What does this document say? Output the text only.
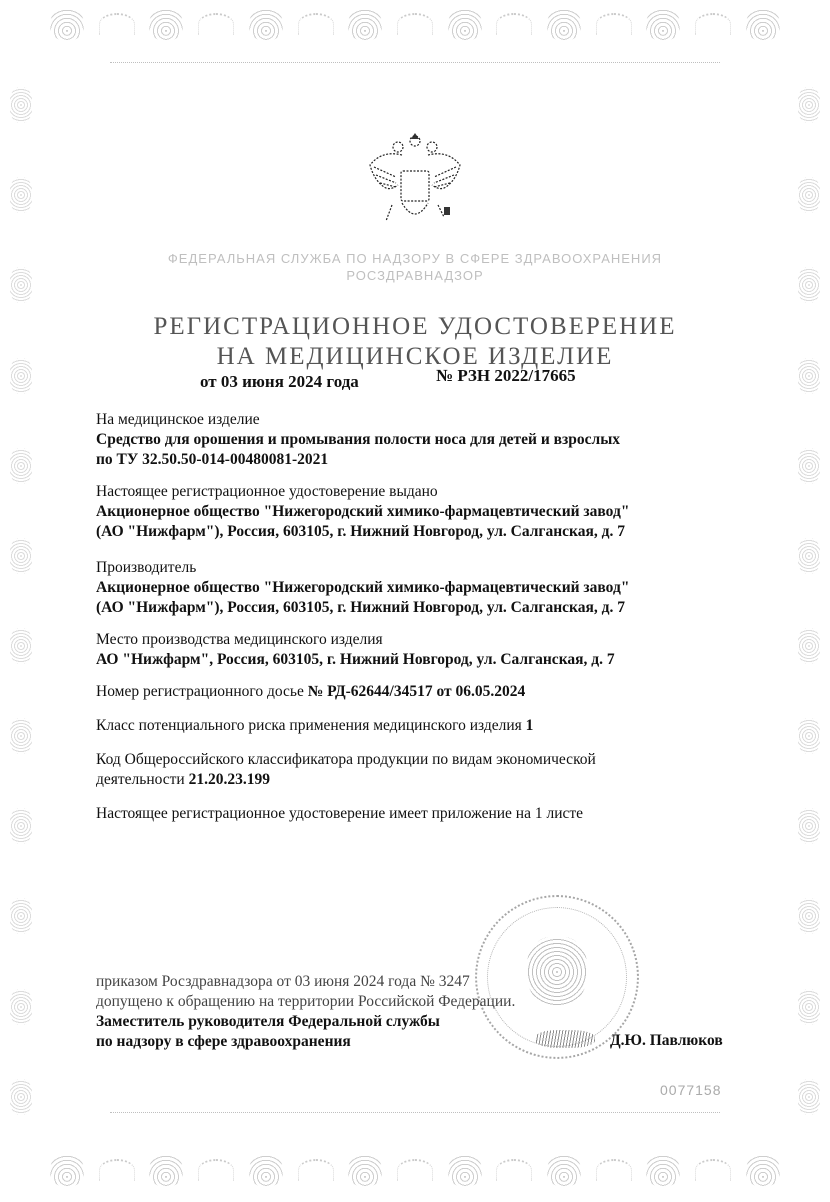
ФЕДЕРАЛЬНАЯ СЛУЖБА ПО НАДЗОРУ В СФЕРЕ ЗДРАВООХРАНЕНИЯ
РОСЗДРАВНАДЗОР
РЕГИСТРАЦИОННОЕ УДОСТОВЕРЕНИЕ
НА МЕДИЦИНСКОЕ ИЗДЕЛИЕ
от 03 июня 2024 года	№ РЗН 2022/17665
На медицинское изделие
Средство для орошения и промывания полости носа для детей и взрослых
по ТУ 32.50.50-014-00480081-2021
Настоящее регистрационное удостоверение выдано
Акционерное общество "Нижегородский химико-фармацевтический завод"
(АО "Нижфарм"), Россия, 603105, г. Нижний Новгород, ул. Салганская, д. 7
Производитель
Акционерное общество "Нижегородский химико-фармацевтический завод"
(АО "Нижфарм"), Россия, 603105, г. Нижний Новгород, ул. Салганская, д. 7
Место производства медицинского изделия
АО "Нижфарм", Россия, 603105, г. Нижний Новгород, ул. Салганская, д. 7
Номер регистрационного досье № РД-62644/34517 от 06.05.2024
Класс потенциального риска применения медицинского изделия 1
Код Общероссийского классификатора продукции по видам экономической
деятельности 21.20.23.199
Настоящее регистрационное удостоверение имеет приложение на 1 листе
приказом Росздравнадзора от 03 июня 2024 года № 3247
допущено к обращению на территории Российской Федерации.
Заместитель руководителя Федеральной службы
по надзору в сфере здравоохранения	Д.Ю. Павлюков
0077158
